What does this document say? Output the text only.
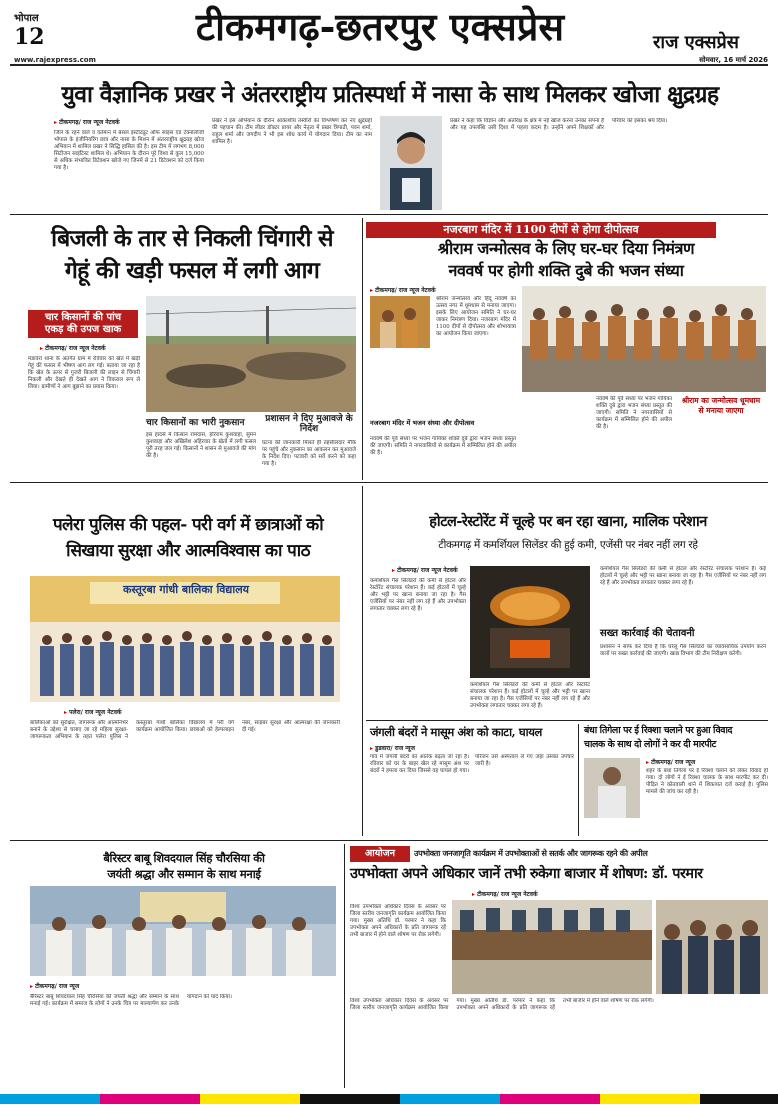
भोपाल
12	टीकमगढ़-छतरपुर एक्सप्रेस	राज एक्सप्रेस
www.rajexpress.com	सोमवार, 16 मार्च 2026
युवा वैज्ञानिक प्रखर ने अंतरराष्ट्रीय प्रतिस्पर्धा में नासा के साथ मिलकर खोजा क्षुद्रग्रह
▸ टीकमगढ़/ राज न्यूज नेटवर्क
जिले के रहने वाले व वर्तमान में बंसल इंस्टीट्यूट ऑफ साइंस एंड टेक्नोलॉजी भोपाल के इंजीनियरिंग छात्र और नासा के मिशन में अंतरराष्ट्रीय क्षुद्रग्रह खोज अभियान में शामिल प्रखर ने सिद्धि हासिल की है। इस टीम में लगभग 8,000 सिटीजन साइंटिस्ट शामिल थे। अभियान के दौरान पूरे विश्व से कुल 15,000 से अधिक संभावित डिटेक्शन खोजे गए जिनमें से 21 डिटेक्शन को दर्ज किया गया है।
प्रखर ने इस अभियान के दौरान आकाशीय तस्वीरों का विश्लेषण कर नए क्षुद्रग्रहों की पहचान की। टीम लीडर डॉक्टर प्रायर और नेतृत्व में प्रखर त्रिपाठी, पवन शर्मा, राहुल शर्मा और जगदीप ने भी इस शोध कार्य में योगदान दिया। टीम का नाम शामिल है।
प्रखर ने कहा कि विज्ञान और अंतरिक्ष के क्षेत्र में नई खोज करना उनका सपना है और यह उपलब्धि उसी दिशा में पहला कदम है। उन्होंने अपने शिक्षकों और परिवार को इसका श्रेय दिया।
बिजली के तार से निकली चिंगारी से
गेहूं की खड़ी फसल में लगी आग
चार किसानों की पांच
एकड़ की उपज खाक
▸ टीकमगढ़/ राज न्यूज नेटवर्क
मडावरा थाना के अंतर्गत ग्राम में रविवार को खेत में खड़ी गेहूं की फसल में भीषण आग लग गई। बताया जा रहा है कि खेत के ऊपर से गुजरी बिजली की लाइन से चिंगारी निकली और देखते ही देखते आग ने विकराल रूप ले लिया। ग्रामीणों ने आग बुझाने का प्रयास किया।
चार किसानों का भारी नुकसान
इस हादसे में किसान रामदास, हरिराम कुशवाहा, सुमन कुशवाहा और अखिलेश अहिरवार के खेतों में लगी फसल पूरी तरह जल गई। किसानों ने शासन से मुआवजे की मांग की है।
प्रशासन ने दिए मुआवजे के निर्देश
घटना की जानकारी मिलते ही तहसीलदार मौके पर पहुंचे और नुकसान का आकलन कर मुआवजे के निर्देश दिए। पटवारी को सर्वे करने को कहा गया है।
नजरबाग मंदिर में 1100 दीपों से होगा दीपोत्सव
श्रीराम जन्मोत्सव के लिए घर-घर दिया निमंत्रण
नववर्ष पर होगी शक्ति दुबे की भजन संध्या
▸ टीकमगढ़/ राज न्यूज नेटवर्क
श्रीराम जन्मोत्सव और हिंदू नववर्ष का उत्सव नगर में धूमधाम से मनाया जाएगा। इसके लिए आयोजन समिति ने घर-घर जाकर निमंत्रण दिया। नजरबाग मंदिर में 1100 दीपों से दीपोत्सव और शोभायात्रा का आयोजन किया जाएगा।
नजरबाग मंदिर में भजन संध्या और दीपोत्सव
नववर्ष की पूर्व संध्या पर भजन गायिका शक्ति दुबे द्वारा भजन संध्या प्रस्तुत की जाएगी। समिति ने नगरवासियों से कार्यक्रम में सम्मिलित होने की अपील की है।
श्रीराम का जन्मोत्सव धूमधाम
से मनाया जाएगा
नववर्ष की पूर्व संध्या पर भजन गायिका शक्ति दुबे द्वारा भजन संध्या प्रस्तुत की जाएगी। समिति ने नगरवासियों से कार्यक्रम में सम्मिलित होने की अपील की है।
पलेरा पुलिस की पहल- परी वर्ग में छात्राओं को
सिखाया सुरक्षा और आत्मविश्वास का पाठ
कस्तूरबा गांधी बालिका विद्यालय
▸ पलेरा/ राज न्यूज नेटवर्क
बालिकाओं को सुरक्षित, जागरूक और आत्मनिर्भर बनाने के उद्देश्य से चलाए जा रहे महिला सुरक्षा-जागरूकता अभियान के तहत पलेरा पुलिस ने कस्तूरबा गांधी बालिका विद्यालय में परी वर्ग कार्यक्रम आयोजित किया। छात्राओं को हेल्पलाइन नंबर, साइबर सुरक्षा और आत्मरक्षा की जानकारी दी गई।
होटल-रेस्टोरेंट में चूल्हे पर बन रहा खाना, मालिक परेशान
टीकमगढ़ में कमर्शियल सिलेंडर की हुई कमी, एजेंसी पर नंबर नहीं लग रहे
▸ टीकमगढ़/ राज न्यूज नेटवर्क
कमर्शियल गैस सिलेंडरों की कमी से होटल और रेस्टोरेंट संचालक परेशान हैं। कई होटलों में चूल्हे और भट्टी पर खाना बनाया जा रहा है। गैस एजेंसियों पर नंबर नहीं लग रहे हैं और उपभोक्ता लगातार चक्कर लगा रहे हैं।
कमर्शियल गैस सिलेंडरों की कमी से होटल और रेस्टोरेंट संचालक परेशान हैं। कई होटलों में चूल्हे और भट्टी पर खाना बनाया जा रहा है। गैस एजेंसियों पर नंबर नहीं लग रहे हैं और उपभोक्ता लगातार चक्कर लगा रहे हैं।
कमर्शियल गैस सिलेंडरों की कमी से होटल और रेस्टोरेंट संचालक परेशान हैं। कई होटलों में चूल्हे और भट्टी पर खाना बनाया जा रहा है। गैस एजेंसियों पर नंबर नहीं लग रहे हैं और उपभोक्ता लगातार चक्कर लगा रहे हैं।
सख्त कार्रवाई की चेतावनी
प्रशासन ने साफ कर दिया है कि घरेलू गैस सिलेंडरों का व्यावसायिक उपयोग करने वालों पर सख्त कार्रवाई की जाएगी। खाद्य विभाग की टीम निरीक्षण करेगी।
जंगली बंदरों ने मासूम अंश को काटा, घायल
▸ डुडवारा/ राज न्यूज
गांव में जंगली बंदरों का आतंक बढ़ता जा रहा है। रविवार को घर के बाहर खेल रहे मासूम अंश पर बंदरों ने हमला कर दिया जिससे वह घायल हो गया। परिजन उसे अस्पताल ले गए जहां उसका उपचार जारी है।
बंधा तिगेला पर ई रिक्शा चलाने पर हुआ विवाद
चालक के साथ दो लोगों ने कर दी मारपीट
▸ टीकमगढ़/ राज न्यूज
शहर के बंधा तिगेला पर ई रिक्शा चलाने को लेकर विवाद हो गया। दो लोगों ने ई रिक्शा चालक के साथ मारपीट कर दी। पीड़ित ने कोतवाली थाने में शिकायत दर्ज कराई है। पुलिस मामले की जांच कर रही है।
बैरिस्टर बाबू शिवदयाल सिंह चौरसिया की
जयंती श्रद्धा और सम्मान के साथ मनाई
▸ टीकमगढ़/ राज न्यूज
बैरिस्टर बाबू शिवदयाल सिंह चौरसिया की जयंती श्रद्धा और सम्मान के साथ मनाई गई। कार्यक्रम में समाज के लोगों ने उनके चित्र पर माल्यार्पण कर उनके योगदान को याद किया।
आयोजन	उपभोक्ता जनजागृति कार्यक्रम में उपभोक्ताओं से सतर्क और जागरूक रहने की अपील
उपभोक्ता अपने अधिकार जानें तभी रुकेगा बाजार में शोषण: डॉ. परमार
▸ टीकमगढ़/ राज न्यूज नेटवर्क
विश्व उपभोक्ता अधिकार दिवस के अवसर पर जिला स्तरीय जनजागृति कार्यक्रम आयोजित किया गया। मुख्य अतिथि डॉ. परमार ने कहा कि उपभोक्ता अपने अधिकारों के प्रति जागरूक रहें तभी बाजार में होने वाले शोषण पर रोक लगेगी।
विश्व उपभोक्ता अधिकार दिवस के अवसर पर जिला स्तरीय जनजागृति कार्यक्रम आयोजित किया गया। मुख्य अतिथि डॉ. परमार ने कहा कि उपभोक्ता अपने अधिकारों के प्रति जागरूक रहें तभी बाजार में होने वाले शोषण पर रोक लगेगी।
